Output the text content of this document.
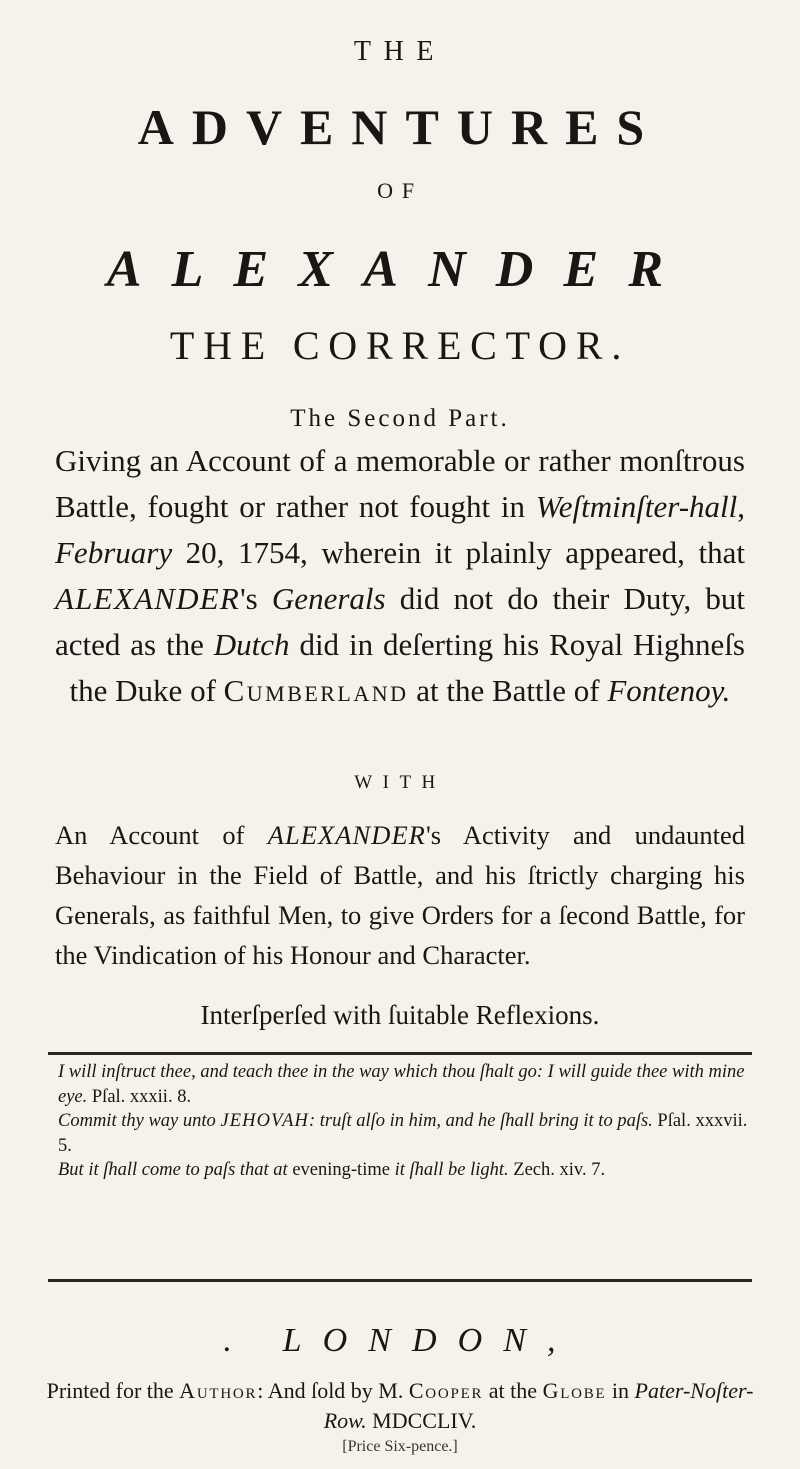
THE
ADVENTURES
OF
ALEXANDER
THE CORRECTOR.
The Second Part.
Giving an Account of a memorable or rather monſtrous Battle, fought or rather not fought in Weſtminſter-hall, February 20, 1754, wherein it plainly appeared, that ALEXANDER's Generals did not do their Duty, but acted as the Dutch did in deſerting his Royal Highneſs the Duke of Cumberland at the Battle of Fontenoy.
WITH
An Account of ALEXANDER's Activity and undaunted Behaviour in the Field of Battle, and his ſtrictly charging his Generals, as faithful Men, to give Orders for a ſecond Battle, for the Vindication of his Honour and Character.
Interſperſed with ſuitable Reflexions.
I will inſtruct thee, and teach thee in the way which thou ſhalt go: I will guide thee with mine eye. Pſal. xxxii. 8.
Commit thy way unto JEHOVAH: truſt alſo in him, and he ſhall bring it to paſs. Pſal. xxxvii. 5.
But it ſhall come to paſs that at evening-time it ſhall be light. Zech. xiv. 7.
. LONDON,
Printed for the Author: And ſold by M. Cooper at the Globe in Pater-Noſter-Row. MDCCLIV.
[Price Six-pence.]
